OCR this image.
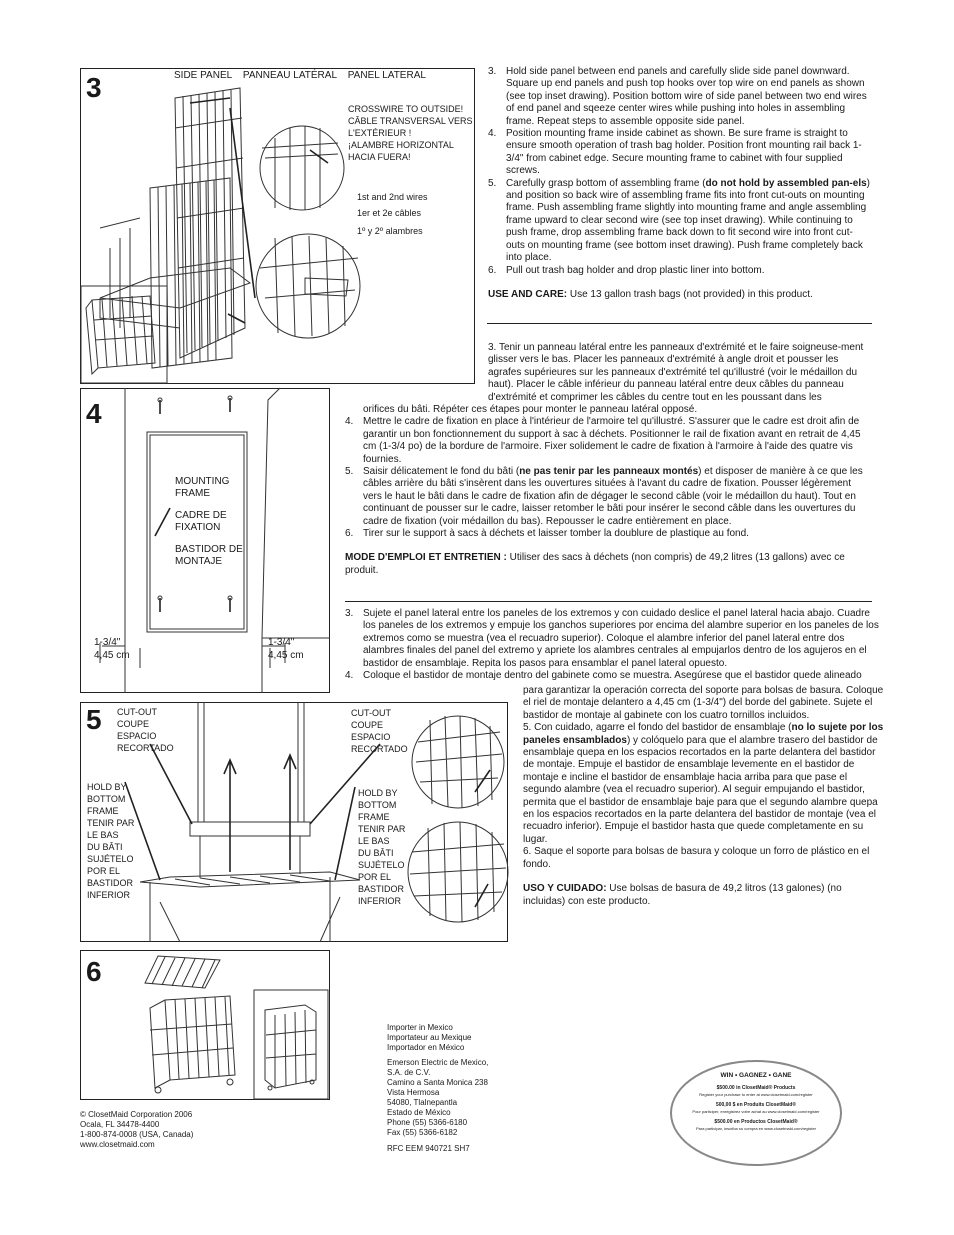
3	SIDE PANEL    PANNEAU LATÉRAL    PANEL LATERAL
CROSSWIRE TO OUTSIDE!
CÂBLE TRANSVERSAL VERS
L'EXTÉRIEUR !
¡ALAMBRE HORIZONTAL
HACIA FUERA!
1st and 2nd wires
1er et 2e câbles
1º y 2º alambres
4
MOUNTING
FRAME
CADRE DE
FIXATION
BASTIDOR DE
MONTAJE
1-3/4"
4,45 cm
1-3/4"
4,45 cm
5 CUT-OUT
COUPE
ESPACIO
RECORTADO
CUT-OUT
COUPE
ESPACIO
RECORTADO
HOLD BY
BOTTOM
FRAME
TENIR PAR
LE BAS
DU BÂTI
SUJÉTELO
POR EL
BASTIDOR
INFERIOR
HOLD BY
BOTTOM
FRAME
TENIR PAR
LE BAS
DU BÂTI
SUJÉTELO
POR EL
BASTIDOR
INFERIOR
6
3. Hold side panel between end panels and carefully slide side panel downward. Square up end panels and push top hooks over top wire on end panels as shown (see top inset drawing). Position bottom wire of side panel between two end wires of end panel and sqeeze center wires while pushing into holes in assembling frame. Repeat steps to assemble opposite side panel.
4. Position mounting frame inside cabinet as shown. Be sure frame is straight to ensure smooth operation of trash bag holder. Position front mounting rail back 1-3/4" from cabinet edge. Secure mounting frame to cabinet with four supplied screws.
5. Carefully grasp bottom of assembling frame (do not hold by assembled pan-els) and position so back wire of assembling frame fits into front cut-outs on mounting frame. Push assembling frame slightly into mounting frame and angle assembling frame upward to clear second wire (see top inset drawing). While continuing to push frame, drop assembling frame back down to fit second wire into front cut-outs on mounting frame (see bottom inset drawing). Push frame completely back into place.
6. Pull out trash bag holder and drop plastic liner into bottom.

USE AND CARE: Use 13 gallon trash bags (not provided) in this product.

3. Tenir un panneau latéral entre les panneaux d'extrémité et le faire soigneuse-ment glisser vers le bas. Placer les panneaux d'extrémité à angle droit et pousser les agrafes supérieures sur les panneaux d'extrémité tel qu'illustré (voir le médaillon du haut). Placer le câble inférieur du panneau latéral entre deux câbles du panneau d'extrémité et comprimer les câbles du centre tout en les poussant dans les

orifices du bâti. Répéter ces étapes pour monter le panneau latéral opposé.

4. Mettre le cadre de fixation en place à l'intérieur de l'armoire tel qu'illustré. S'assurer que le cadre est droit afin de garantir un bon fonctionnement du support à sac à déchets. Positionner le rail de fixation avant en retrait de 4,45 cm (1-3/4 po) de la bordure de l'armoire. Fixer solidement le cadre de fixation à l'armoire à l'aide des quatre vis fournies.
5. Saisir délicatement le fond du bâti (ne pas tenir par les panneaux montés) et disposer de manière à ce que les câbles arrière du bâti s'insèrent dans les ouvertures situées à l'avant du cadre de fixation. Pousser légèrement vers le haut le bâti dans le cadre de fixation afin de dégager le second câble (voir le médaillon du haut). Tout en continuant de pousser sur le cadre, laisser retomber le bâti pour insérer le second câble dans les ouvertures du cadre de fixation (voir médaillon du bas). Repousser le cadre entièrement en place.
6. Tirer sur le support à sacs à déchets et laisser tomber la doublure de plastique au fond.

MODE D'EMPLOI ET ENTRETIEN : Utiliser des sacs à déchets (non compris) de 49,2 litres (13 gallons) avec ce produit.

3. Sujete el panel lateral entre los paneles de los extremos y con cuidado deslice el panel lateral hacia abajo. Cuadre los paneles de los extremos y empuje los ganchos superiores por encima del alambre superior en los paneles de los extremos como se muestra (vea el recuadro superior). Coloque el alambre inferior del panel lateral entre dos alambres finales del panel del extremo y apriete los alambres centrales al empujarlos dentro de los agujeros en el bastidor de ensamblaje. Repita los pasos para ensamblar el panel lateral opuesto.
4. Coloque el bastidor de montaje dentro del gabinete como se muestra. Asegúrese que el bastidor quede alineado

para garantizar la operación correcta del soporte para bolsas de basura. Coloque el riel de montaje delantero a 4,45 cm (1-3/4") del borde del gabinete. Sujete el bastidor de montaje al gabinete con los cuatro tornillos incluidos.

5. Con cuidado, agarre el fondo del bastidor de ensamblaje (no lo sujete por los paneles ensamblados) y colóquelo para que el alambre trasero del bastidor de ensamblaje quepa en los espacios recortados en la parte delantera del bastidor de montaje. Empuje el bastidor de ensamblaje levemente en el bastidor de montaje e incline el bastidor de ensamblaje hacia arriba para que pase el segundo alambre (vea el recuadro superior). Al seguir empujando el bastidor, permita que el bastidor de ensamblaje baje para que el segundo alambre quepa en los espacios recortados en la parte delantera del bastidor de montaje (vea el recuadro inferior). Empuje el bastidor hasta que quede completamente en su lugar.

6. Saque el soporte para bolsas de basura y coloque un forro de plástico en el fondo.

USO Y CUIDADO: Use bolsas de basura de 49,2 litros (13 galones) (no incluidas) con este producto.

© ClosetMaid Corporation 2006
Ocala, FL 34478-4400
1-800-874-0008 (USA, Canada)
www.closetmaid.com
Importer in Mexico
Importateur au Mexique
Importador en México
Emerson Electric de Mexico,
S.A. de C.V.
Camino a Santa Monica 238
Vista Hermosa
54080, Tlalnepantla
Estado de México
Phone (55) 5366-6180
Fax (55) 5366-6182
RFC EEM 940721 SH7
WIN • GAGNEZ • GANE
$500.00 in ClosetMaid® Products
Register your purchase to enter at www.closetmaid.com/register
500,00 $ en Produits ClosetMaid®
Pour participer, enregistrez votre achat au www.closetmaid.com/register
$500.00 en Productos ClosetMaid®
Para participar, inscriba su compra en www.closetmaid.com/register
